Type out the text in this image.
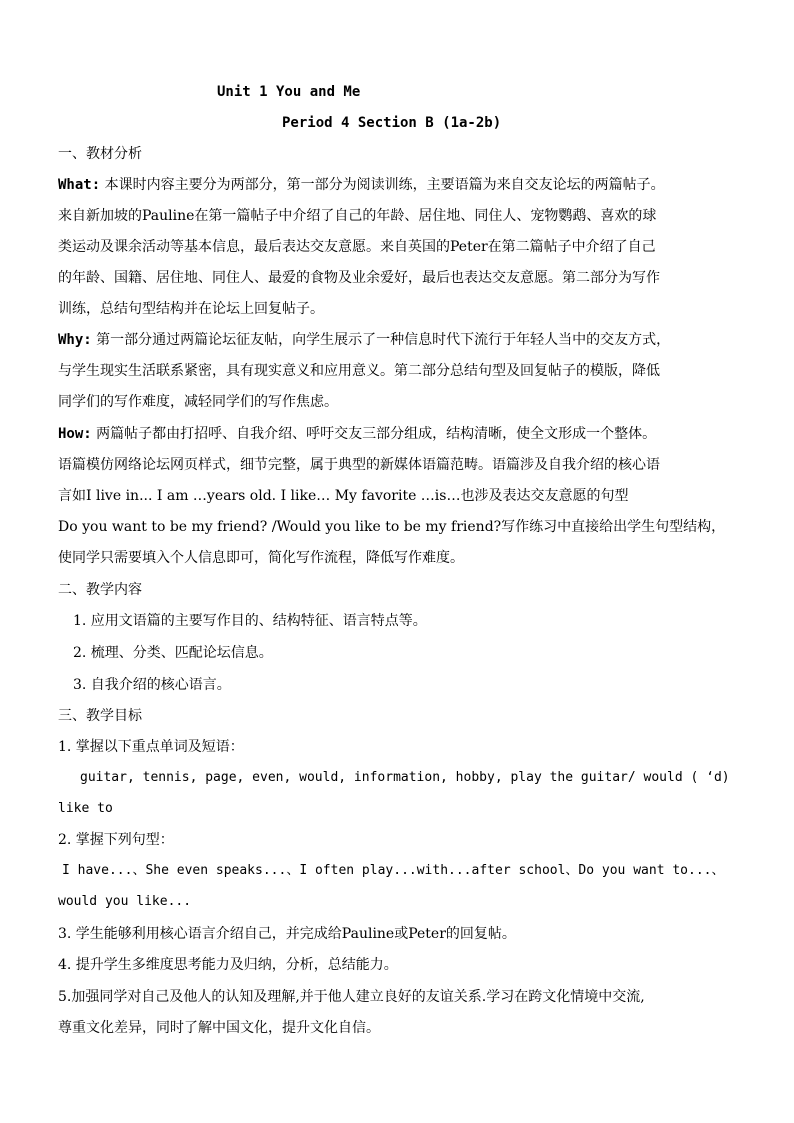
Unit 1 You and Me
Period 4 Section B (1a-2b)
一、教材分析
What: 本课时内容主要分为两部分，第一部分为阅读训练，主要语篇为来自交友论坛的两篇帖子。
来自新加坡的Pauline在第一篇帖子中介绍了自己的年龄、居住地、同住人、宠物鹦鹉、喜欢的球
类运动及课余活动等基本信息，最后表达交友意愿。来自英国的Peter在第二篇帖子中介绍了自己
的年龄、国籍、居住地、同住人、最爱的食物及业余爱好，最后也表达交友意愿。第二部分为写作
训练，总结句型结构并在论坛上回复帖子。
Why: 第一部分通过两篇论坛征友帖，向学生展示了一种信息时代下流行于年轻人当中的交友方式，
与学生现实生活联系紧密，具有现实意义和应用意义。第二部分总结句型及回复帖子的模版，降低
同学们的写作难度，减轻同学们的写作焦虑。
How: 两篇帖子都由打招呼、自我介绍、呼吁交友三部分组成，结构清晰，使全文形成一个整体。
语篇模仿网络论坛网页样式，细节完整，属于典型的新媒体语篇范畴。语篇涉及自我介绍的核心语
言如I live in... I am …years old. I like… My favorite …is…也涉及表达交友意愿的句型
Do you want to be my friend? /Would you like to be my friend?写作练习中直接给出学生句型结构，
使同学只需要填入个人信息即可，简化写作流程，降低写作难度。
二、教学内容
1. 应用文语篇的主要写作目的、结构特征、语言特点等。
2. 梳理、分类、匹配论坛信息。
3. 自我介绍的核心语言。
三、教学目标
1. 掌握以下重点单词及短语：
guitar, tennis, page, even, would, information, hobby, play the guitar/ would ( ‘d)
like to
2. 掌握下列句型：
I have...、She even speaks...、I often play...with...after school、Do you want to...、
would you like...
3. 学生能够利用核心语言介绍自己，并完成给Pauline或Peter的回复帖。
4. 提升学生多维度思考能力及归纳，分析，总结能力。
5.加强同学对自己及他人的认知及理解,并于他人建立良好的友谊关系.学习在跨文化情境中交流,
尊重文化差异，同时了解中国文化，提升文化自信。
